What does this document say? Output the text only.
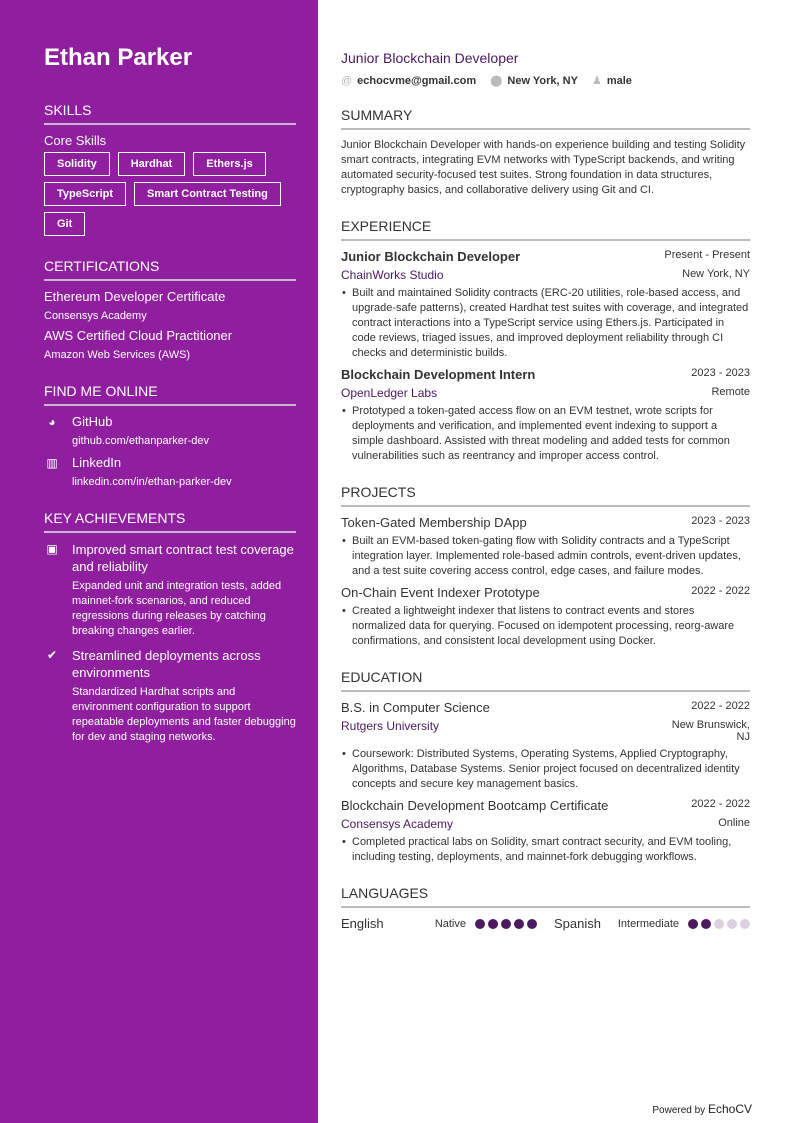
Ethan Parker
SKILLS
Core Skills
Solidity	Hardhat	Ethers.js
TypeScript	Smart Contract Testing
Git
CERTIFICATIONS
Ethereum Developer Certificate
Consensys Academy
AWS Certified Cloud Practitioner
Amazon Web Services (AWS)
FIND ME ONLINE
◕	GitHub
github.com/ethanparker-dev
▥ LinkedIn
linkedin.com/in/ethan-parker-dev
KEY ACHIEVEMENTS
▣ Improved smart contract test coverage and reliability
Expanded unit and integration tests, added mainnet-fork scenarios, and reduced regressions during releases by catching breaking changes earlier.
✔ Streamlined deployments across environments
Standardized Hardhat scripts and environment configuration to support repeatable deployments and faster debugging for dev and staging networks.
Junior Blockchain Developer
@ echocvme@gmail.com ⬤ New York, NY ♟ male
SUMMARY
Junior Blockchain Developer with hands-on experience building and testing Solidity smart contracts, integrating EVM networks with TypeScript backends, and writing automated security-focused test suites. Strong foundation in data structures, cryptography basics, and collaborative delivery using Git and CI.
EXPERIENCE
Junior Blockchain Developer	Present - Present
ChainWorks Studio	New York, NY
• Built and maintained Solidity contracts (ERC-20 utilities, role-based access, and upgrade-safe patterns), created Hardhat test suites with coverage, and integrated contract interactions into a TypeScript service using Ethers.js. Participated in code reviews, triaged issues, and improved deployment reliability through CI checks and deterministic builds.
Blockchain Development Intern	2023 - 2023
OpenLedger Labs	Remote
• Prototyped a token-gated access flow on an EVM testnet, wrote scripts for deployments and verification, and implemented event indexing to support a simple dashboard. Assisted with threat modeling and added tests for common vulnerabilities such as reentrancy and improper access control.
PROJECTS
Token-Gated Membership DApp	2023 - 2023
• Built an EVM-based token-gating flow with Solidity contracts and a TypeScript integration layer. Implemented role-based admin controls, event-driven updates, and a test suite covering access control, edge cases, and failure modes.
On-Chain Event Indexer Prototype	2022 - 2022
• Created a lightweight indexer that listens to contract events and stores normalized data for querying. Focused on idempotent processing, reorg-aware confirmations, and consistent local development using Docker.
EDUCATION
B.S. in Computer Science	2022 - 2022
Rutgers University	New Brunswick, NJ
• Coursework: Distributed Systems, Operating Systems, Applied Cryptography, Algorithms, Database Systems. Senior project focused on decentralized identity concepts and secure key management basics.
Blockchain Development Bootcamp Certificate	2022 - 2022
Consensys Academy	Online
• Completed practical labs on Solidity, smart contract security, and EVM tooling, including testing, deployments, and mainnet-fork debugging workflows.
LANGUAGES
English	Native	Spanish Intermediate
Powered by EchoCV
